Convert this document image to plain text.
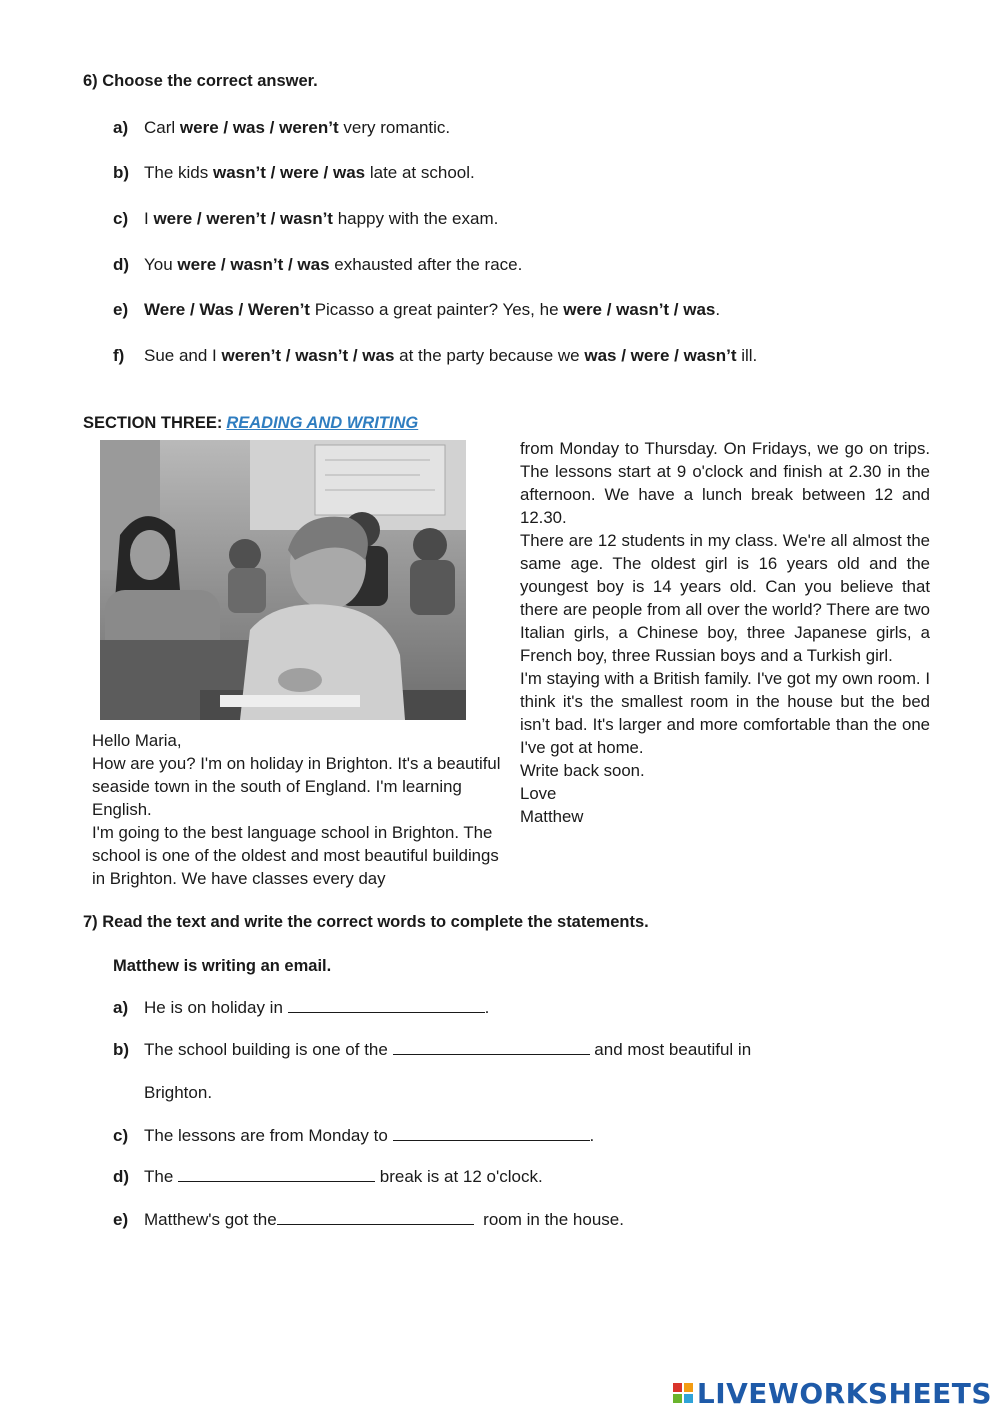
6) Choose the correct answer.
a) Carl were / was / weren’t very romantic.
b) The kids wasn’t / were / was late at school.
c) I were / weren’t / wasn’t happy with the exam.
d) You were / wasn’t / was exhausted after the race.
e) Were / Was / Weren’t Picasso a great painter? Yes, he were / wasn’t / was.
f) Sue and I weren’t / wasn’t / was at the party because we was / were / wasn’t ill.
SECTION THREE: READING AND WRITING

Hello Maria,

How are you? I'm on holiday in Brighton. It's a beautiful seaside town in the south of England. I'm learning English.

I'm going to the best language school in Brighton. The school is one of the oldest and most beautiful buildings in Brighton. We have classes every day

from Monday to Thursday. On Fridays, we go on trips. The lessons start at 9 o'clock and finish at 2.30 in the afternoon. We have a lunch break between 12 and 12.30.

There are 12 students in my class. We're all almost the same age. The oldest girl is 16 years old and the youngest boy is 14 years old. Can you believe that there are people from all over the world? There are two Italian girls, a Chinese boy, three Japanese girls, a French boy, three Russian boys and a Turkish girl.

I'm staying with a British family. I've got my own room. I think it's the smallest room in the house but the bed isn’t bad. It's larger and more comfortable than the one I've got at home.

Write back soon.

Love

Matthew

7) Read the text and write the correct words to complete the statements.
Matthew is writing an email.
a) He is on holiday in	.
b) The school building is one of the	and most beautiful in
Brighton.
c) The lessons are from Monday to	.
d) The	break is at 12 o'clock.
e) Matthew's got the	room in the house.
LIVEWORKSHEETS
